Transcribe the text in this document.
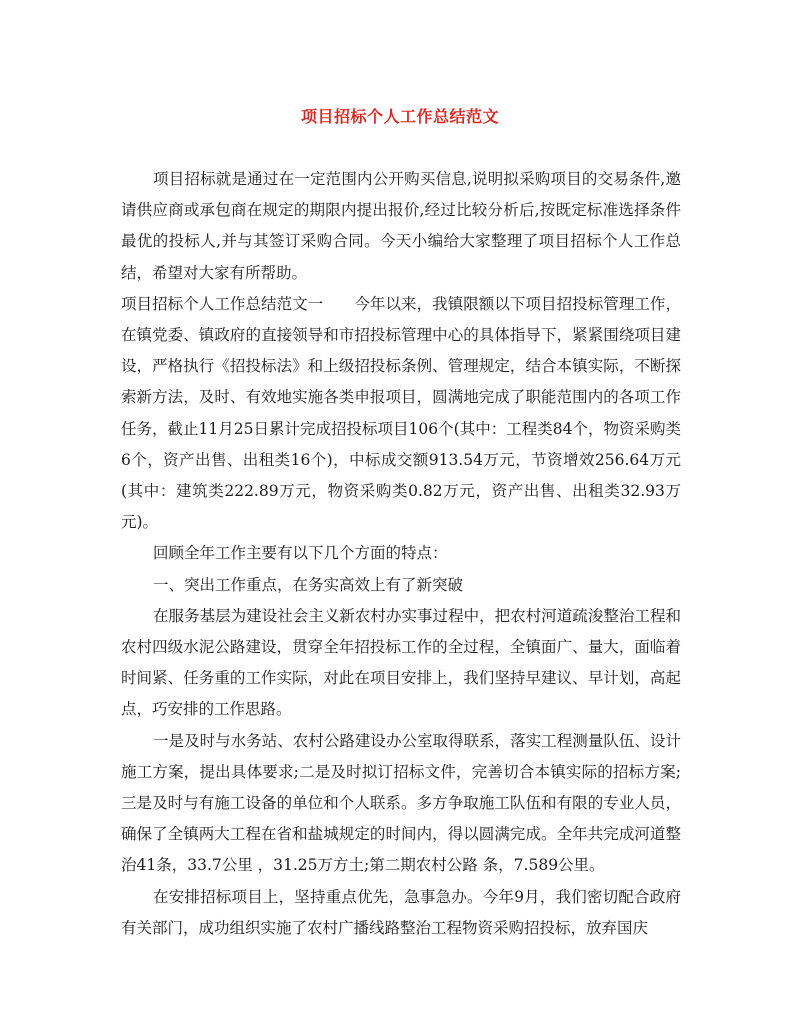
项目招标个人工作总结范文

项目招标就是通过在一定范围内公开购买信息,说明拟采购项目的交易条件,邀请供应商或承包商在规定的期限内提出报价,经过比较分析后,按既定标准选择条件最优的投标人,并与其签订采购合同。今天小编给大家整理了项目招标个人工作总结，希望对大家有所帮助。

项目招标个人工作总结范文一　　今年以来，我镇限额以下项目招投标管理工作，在镇党委、镇政府的直接领导和市招投标管理中心的具体指导下，紧紧围绕项目建设，严格执行《招投标法》和上级招投标条例、管理规定，结合本镇实际，不断探索新方法，及时、有效地实施各类申报项目，圆满地完成了职能范围内的各项工作任务，截止11月25日累计完成招投标项目106个(其中：工程类84个，物资采购类6个，资产出售、出租类16个)，中标成交额913.54万元，节资增效256.64万元(其中：建筑类222.89万元，物资采购类0.82万元，资产出售、出租类32.93万元)。

回顾全年工作主要有以下几个方面的特点：

一、突出工作重点，在务实高效上有了新突破

在服务基层为建设社会主义新农村办实事过程中，把农村河道疏浚整治工程和农村四级水泥公路建设，贯穿全年招投标工作的全过程，全镇面广、量大，面临着时间紧、任务重的工作实际，对此在项目安排上，我们坚持早建议、早计划，高起点，巧安排的工作思路。

一是及时与水务站、农村公路建设办公室取得联系，落实工程测量队伍、设计施工方案，提出具体要求;二是及时拟订招标文件，完善切合本镇实际的招标方案;三是及时与有施工设备的单位和个人联系。多方争取施工队伍和有限的专业人员，确保了全镇两大工程在省和盐城规定的时间内，得以圆满完成。全年共完成河道整治41条，33.7公里 ，31.25万方土;第二期农村公路 条，7.589公里。

在安排招标项目上，坚持重点优先，急事急办。今年9月，我们密切配合政府有关部门，成功组织实施了农村广播线路整治工程物资采购招投标，放弃国庆
